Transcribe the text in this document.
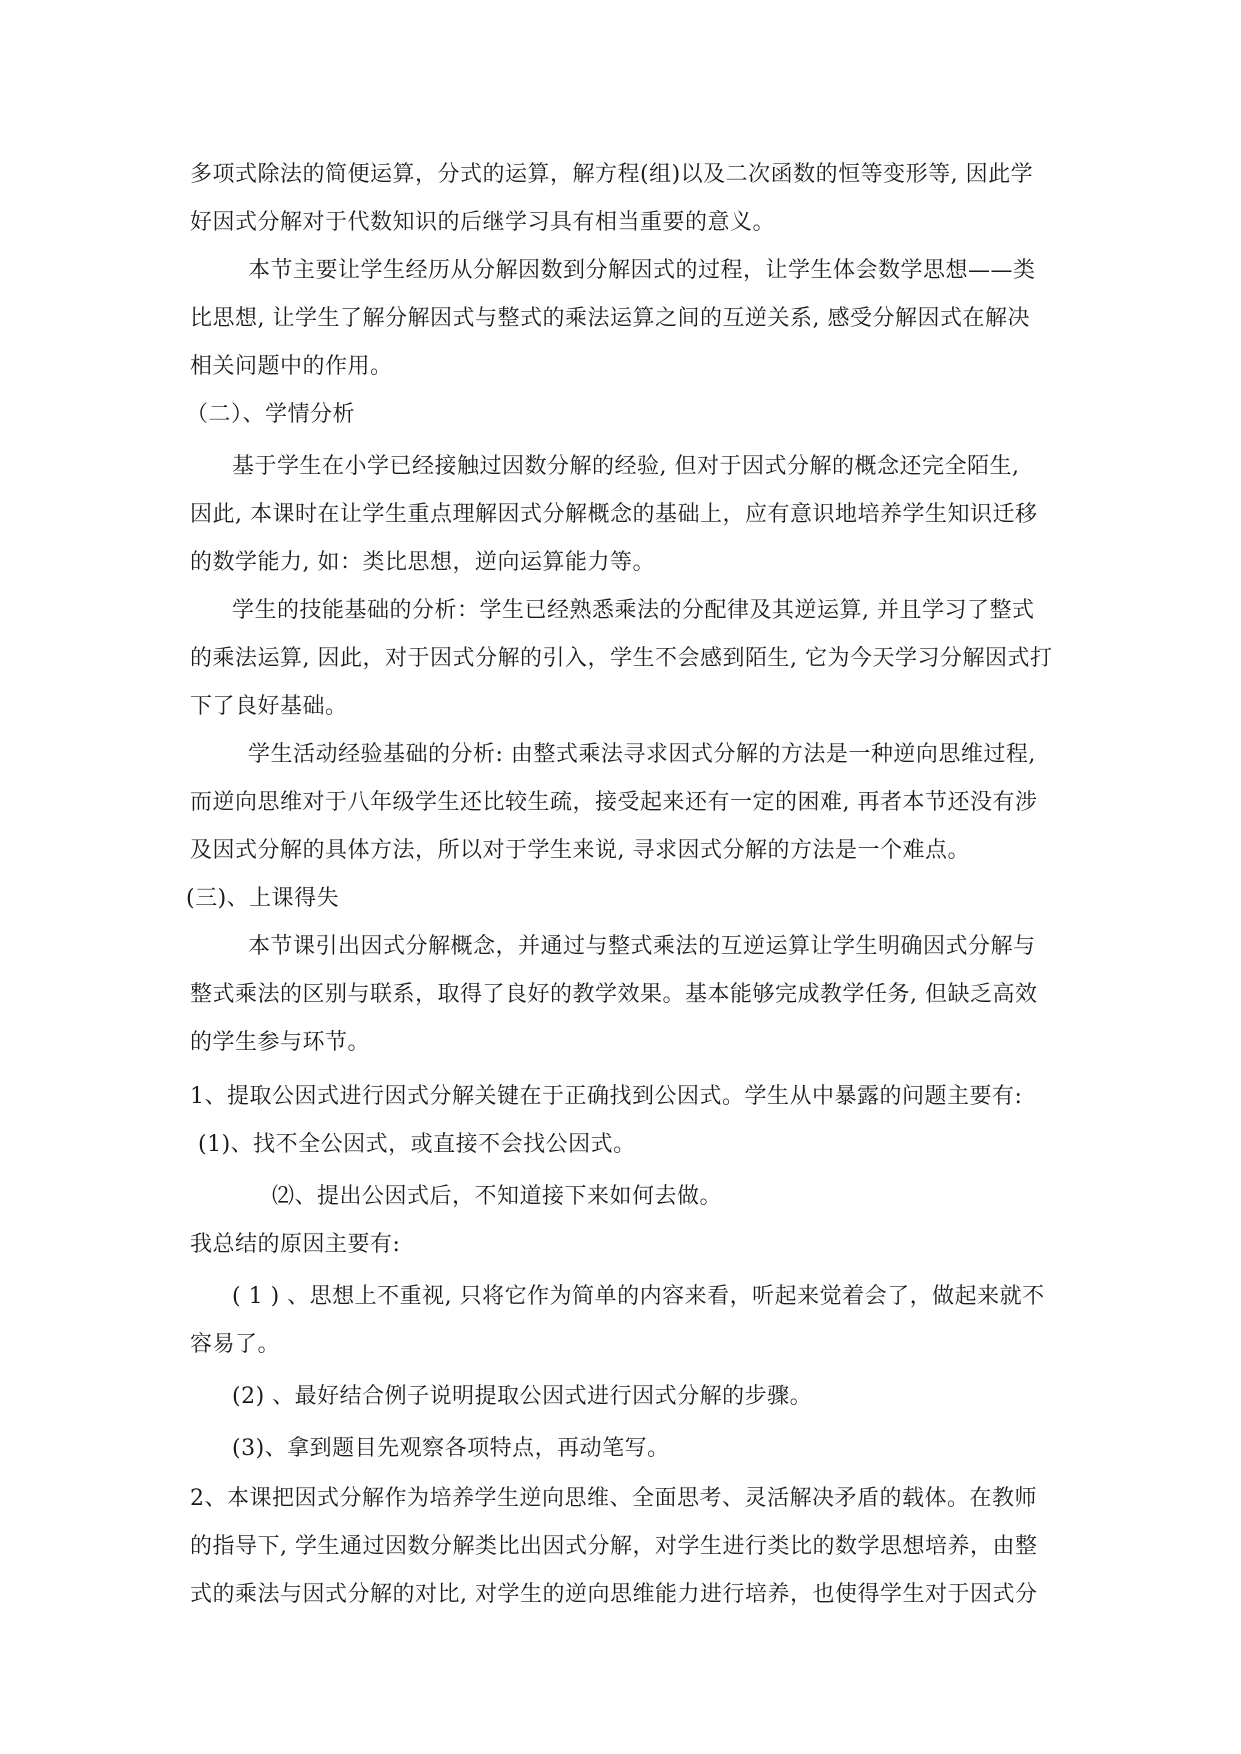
多项式除法的简便运算，分式的运算，解方程(组)以及二次函数的恒等变形等, 因此学
好因式分解对于代数知识的后继学习具有相当重要的意义。
本节主要让学生经历从分解因数到分解因式的过程，让学生体会数学思想——类
比思想, 让学生了解分解因式与整式的乘法运算之间的互逆关系, 感受分解因式在解决
相关问题中的作用。
（二）、学情分析
基于学生在小学已经接触过因数分解的经验, 但对于因式分解的概念还完全陌生,
因此, 本课时在让学生重点理解因式分解概念的基础上，应有意识地培养学生知识迁移
的数学能力, 如：类比思想，逆向运算能力等。
学生的技能基础的分析：学生已经熟悉乘法的分配律及其逆运算, 并且学习了整式
的乘法运算, 因此，对于因式分解的引入，学生不会感到陌生, 它为今天学习分解因式打
下了良好基础。
学生活动经验基础的分析: 由整式乘法寻求因式分解的方法是一种逆向思维过程,
而逆向思维对于八年级学生还比较生疏，接受起来还有一定的困难, 再者本节还没有涉
及因式分解的具体方法，所以对于学生来说, 寻求因式分解的方法是一个难点。
(三)、上课得失
本节课引出因式分解概念，并通过与整式乘法的互逆运算让学生明确因式分解与
整式乘法的区别与联系，取得了良好的教学效果。基本能够完成教学任务, 但缺乏高效
的学生参与环节。
1、提取公因式进行因式分解关键在于正确找到公因式。学生从中暴露的问题主要有:
(1)、找不全公因式，或直接不会找公因式。
⑵、提出公因式后，不知道接下来如何去做。
我总结的原因主要有:
( 1 ) 、思想上不重视, 只将它作为简单的内容来看，听起来觉着会了，做起来就不
容易了。
(2) 、最好结合例子说明提取公因式进行因式分解的步骤。
(3)、拿到题目先观察各项特点，再动笔写。
2、本课把因式分解作为培养学生逆向思维、全面思考、灵活解决矛盾的载体。在教师
的指导下, 学生通过因数分解类比出因式分解，对学生进行类比的数学思想培养，由整
式的乘法与因式分解的对比, 对学生的逆向思维能力进行培养，也使得学生对于因式分
